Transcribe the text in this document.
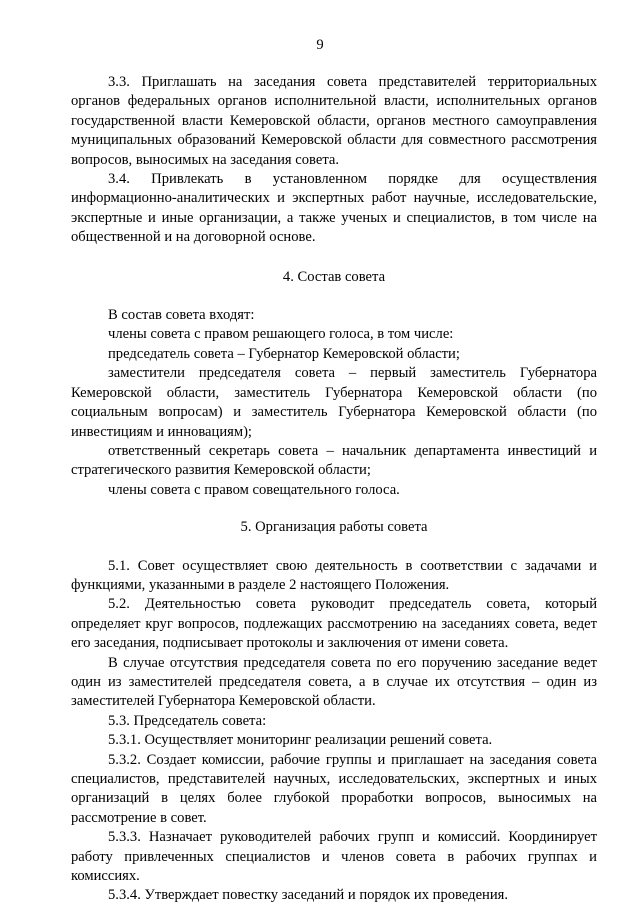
9

3.3. Приглашать на заседания совета представителей территориальных органов федеральных органов исполнительной власти, исполнительных органов государственной власти Кемеровской области, органов местного самоуправления муниципальных образований Кемеровской области для совместного рассмотрения вопросов, выносимых на заседания совета.

3.4. Привлекать в установленном порядке для осуществления информационно-аналитических и экспертных работ научные, исследовательские, экспертные и иные организации, а также ученых и специалистов, в том числе на общественной и на договорной основе.

4. Состав совета

В состав совета входят:

члены совета с правом решающего голоса, в том числе:

председатель совета – Губернатор Кемеровской области;

заместители председателя совета – первый заместитель Губернатора Кемеровской области, заместитель Губернатора Кемеровской области (по социальным вопросам) и заместитель Губернатора Кемеровской области (по инвестициям и инновациям);

ответственный секретарь совета – начальник департамента инвестиций и стратегического развития Кемеровской области;

члены совета с правом совещательного голоса.

5. Организация работы совета

5.1. Совет осуществляет свою деятельность в соответствии с задачами и функциями, указанными в разделе 2 настоящего Положения.

5.2. Деятельностью совета руководит председатель совета, который определяет круг вопросов, подлежащих рассмотрению на заседаниях совета, ведет его заседания, подписывает протоколы и заключения от имени совета.

В случае отсутствия председателя совета по его поручению заседание ведет один из заместителей председателя совета, а в случае их отсутствия – один из заместителей Губернатора Кемеровской области.

5.3. Председатель совета:

5.3.1. Осуществляет мониторинг реализации решений совета.

5.3.2. Создает комиссии, рабочие группы и приглашает на заседания совета специалистов, представителей научных, исследовательских, экспертных и иных организаций в целях более глубокой проработки вопросов, выносимых на рассмотрение в совет.

5.3.3. Назначает руководителей рабочих групп и комиссий. Координирует работу привлеченных специалистов и членов совета в рабочих группах и комиссиях.

5.3.4. Утверждает повестку заседаний и порядок их проведения.
